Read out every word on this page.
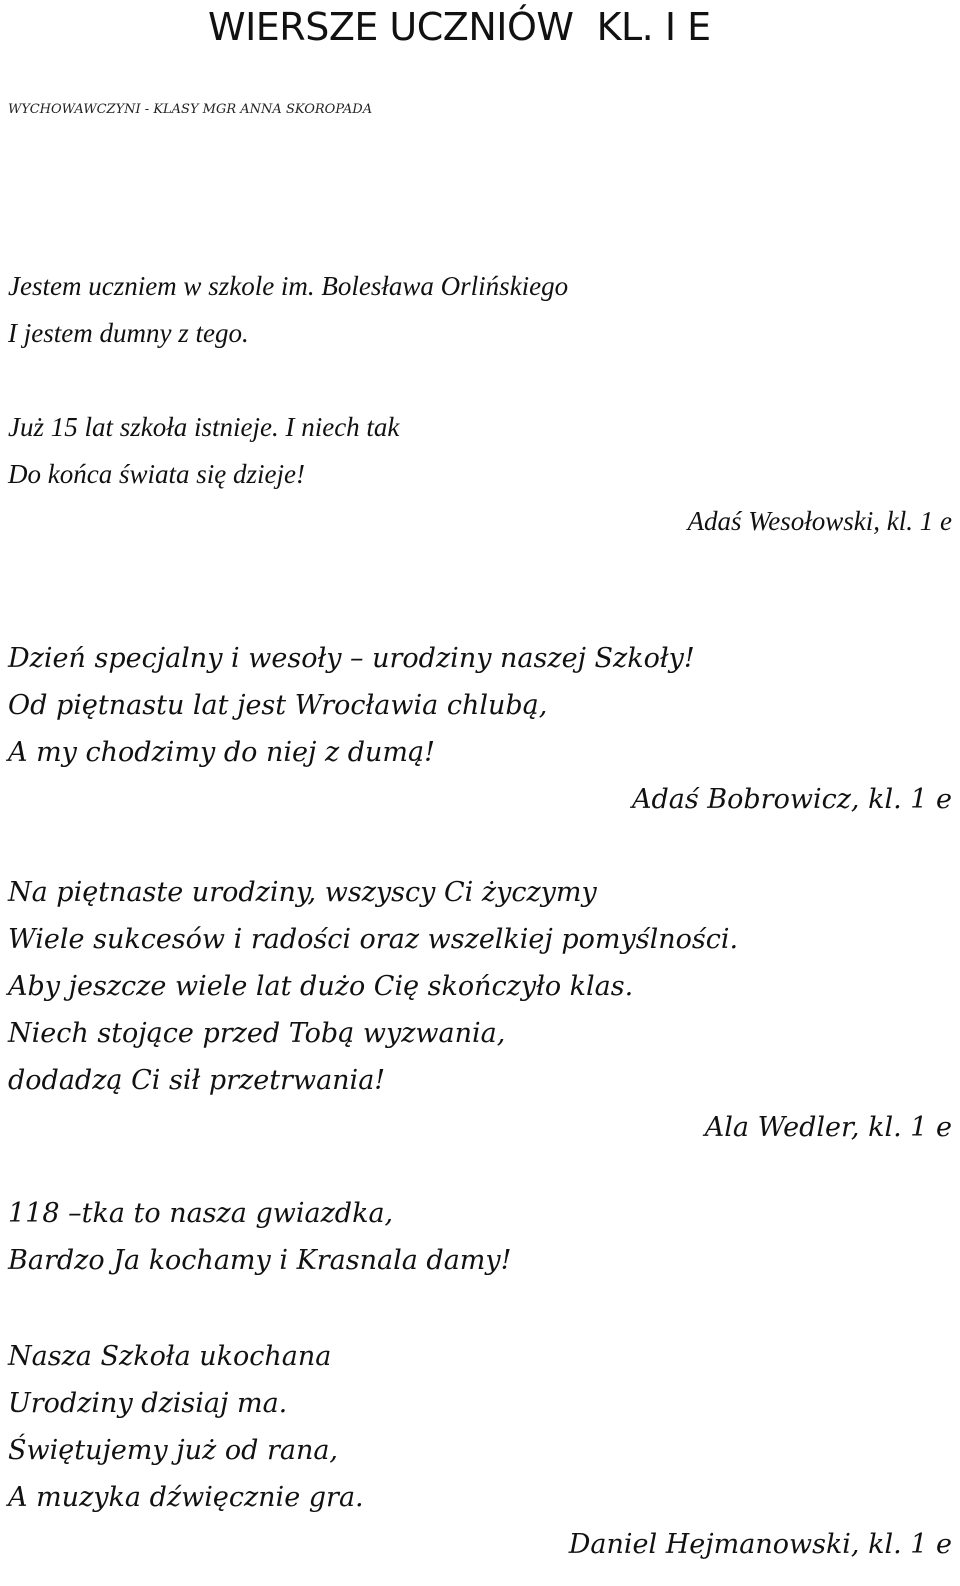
WIERSZE UCZNIÓW  KL. I E
WYCHOWAWCZYNI - KLASY MGR ANNA SKOROPADA
Jestem uczniem w szkole im. Bolesława Orlińskiego
I jestem dumny z tego.

Już 15 lat szkoła istnieje. I niech tak
Do końca świata się dzieje!
Adaś Wesołowski, kl. 1 e
Dzień specjalny i wesoły – urodziny naszej Szkoły!
Od piętnastu lat jest Wrocławia chlubą,
A my chodzimy do niej z dumą!
Adaś Bobrowicz, kl. 1 e
Na piętnaste urodziny, wszyscy Ci życzymy
Wiele sukcesów i radości oraz wszelkiej pomyślności.
Aby jeszcze wiele lat dużo Cię skończyło klas.
Niech stojące przed Tobą wyzwania,
dodadzą Ci sił przetrwania!
Ala Wedler, kl. 1 e
118 –tka to nasza gwiazdka,
Bardzo Ja kochamy i Krasnala damy!
Nasza Szkoła ukochana
Urodziny dzisiaj ma.
Świętujemy już od rana,
A muzyka dźwięcznie gra.
Daniel Hejmanowski, kl. 1 e
